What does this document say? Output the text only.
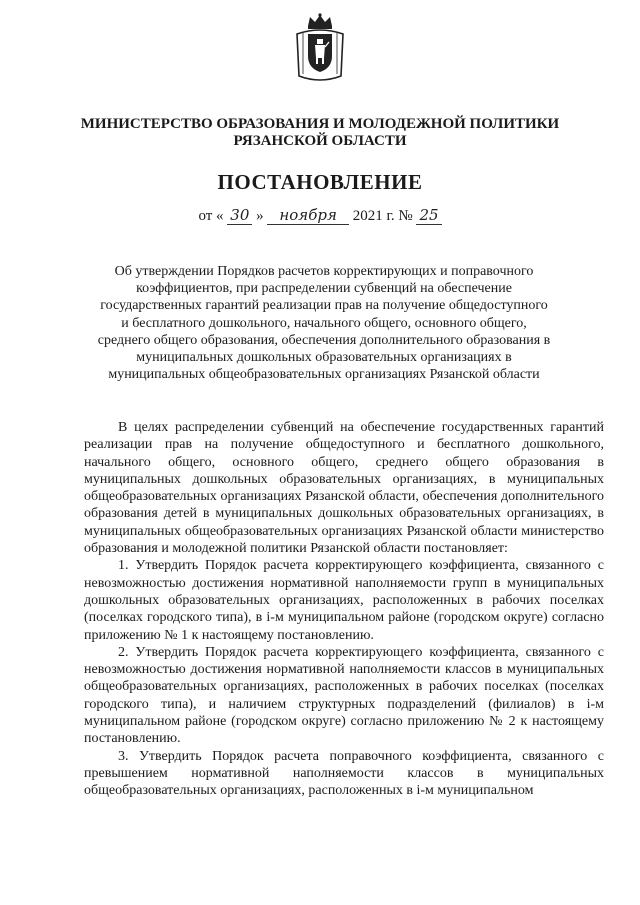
МИНИСТЕРСТВО ОБРАЗОВАНИЯ И МОЛОДЕЖНОЙ ПОЛИТИКИ
РЯЗАНСКОЙ ОБЛАСТИ
ПОСТАНОВЛЕНИЕ
от « 30 » ноября 2021 г. № 25
Об утверждении Порядков расчетов корректирующих и поправочного коэффициентов, при распределении субвенций на обеспечение государственных гарантий реализации прав на получение общедоступного и бесплатного дошкольного, начального общего, основного общего, среднего общего образования, обеспечения дополнительного образования в муниципальных дошкольных образовательных организациях в муниципальных общеобразовательных организациях Рязанской области

В целях распределении субвенций на обеспечение государственных гарантий реализации прав на получение общедоступного и бесплатного дошкольного, начального общего, основного общего, среднего общего образования в муниципальных дошкольных образовательных организациях, в муниципальных общеобразовательных организациях Рязанской области, обеспечения дополнительного образования детей в муниципальных дошкольных образовательных организациях, в муниципальных общеобразовательных организациях Рязанской области министерство образования и молодежной политики Рязанской области постановляет:

1. Утвердить Порядок расчета корректирующего коэффициента, связанного с невозможностью достижения нормативной наполняемости групп в муниципальных дошкольных образовательных организациях, расположенных в рабочих поселках (поселках городского типа), в i-м муниципальном районе (городском округе) согласно приложению № 1 к настоящему постановлению.

2. Утвердить Порядок расчета корректирующего коэффициента, связанного с невозможностью достижения нормативной наполняемости классов в муниципальных общеобразовательных организациях, расположенных в рабочих поселках (поселках городского типа), и наличием структурных подразделений (филиалов) в i-м муниципальном районе (городском округе) согласно приложению № 2 к настоящему постановлению.

3. Утвердить Порядок расчета поправочного коэффициента, связанного с превышением нормативной наполняемости классов в муниципальных общеобразовательных организациях, расположенных в i-м муниципальном
